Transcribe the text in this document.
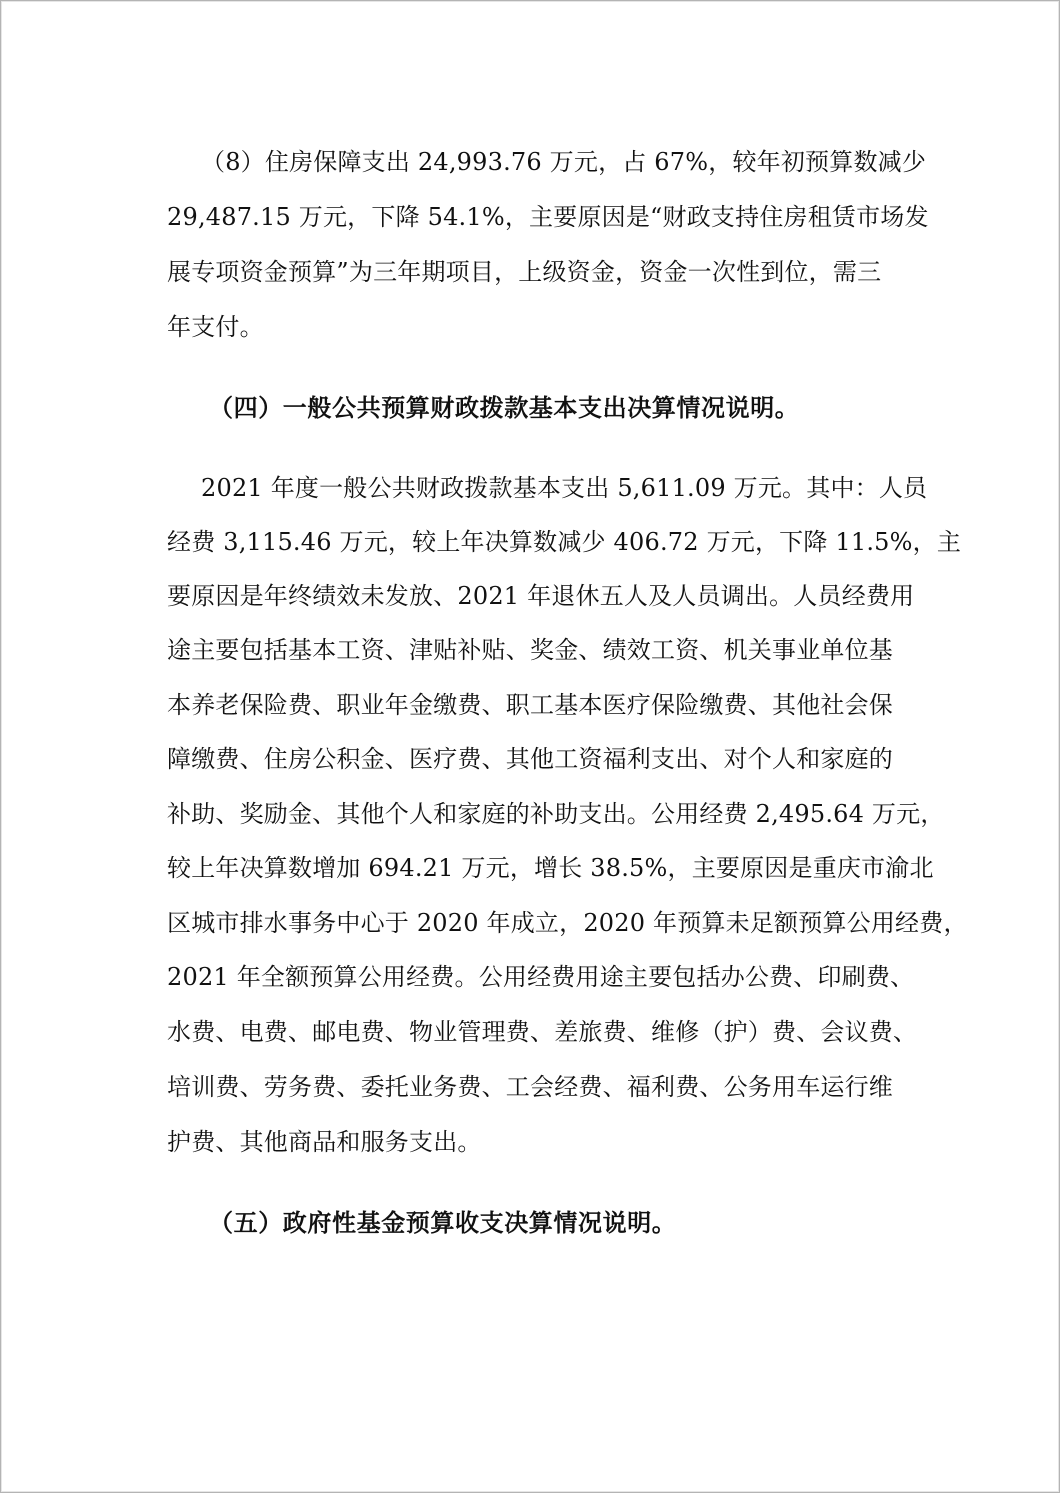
（8）住房保障支出 24,993.76 万元，占 67%，较年初预算数减少
29,487.15 万元，下降 54.1%，主要原因是“财政支持住房租赁市场发
展专项资金预算”为三年期项目，上级资金，资金一次性到位，需三
年支付。
（四）一般公共预算财政拨款基本支出决算情况说明。
2021 年度一般公共财政拨款基本支出 5,611.09 万元。其中：人员
经费 3,115.46 万元，较上年决算数减少 406.72 万元，下降 11.5%，主
要原因是年终绩效未发放、2021 年退休五人及人员调出。人员经费用
途主要包括基本工资、津贴补贴、奖金、绩效工资、机关事业单位基
本养老保险费、职业年金缴费、职工基本医疗保险缴费、其他社会保
障缴费、住房公积金、医疗费、其他工资福利支出、对个人和家庭的
补助、奖励金、其他个人和家庭的补助支出。公用经费 2,495.64 万元，
较上年决算数增加 694.21 万元，增长 38.5%，主要原因是重庆市渝北
区城市排水事务中心于 2020 年成立，2020 年预算未足额预算公用经费，
2021 年全额预算公用经费。公用经费用途主要包括办公费、印刷费、
水费、电费、邮电费、物业管理费、差旅费、维修（护）费、会议费、
培训费、劳务费、委托业务费、工会经费、福利费、公务用车运行维
护费、其他商品和服务支出。
（五）政府性基金预算收支决算情况说明。
